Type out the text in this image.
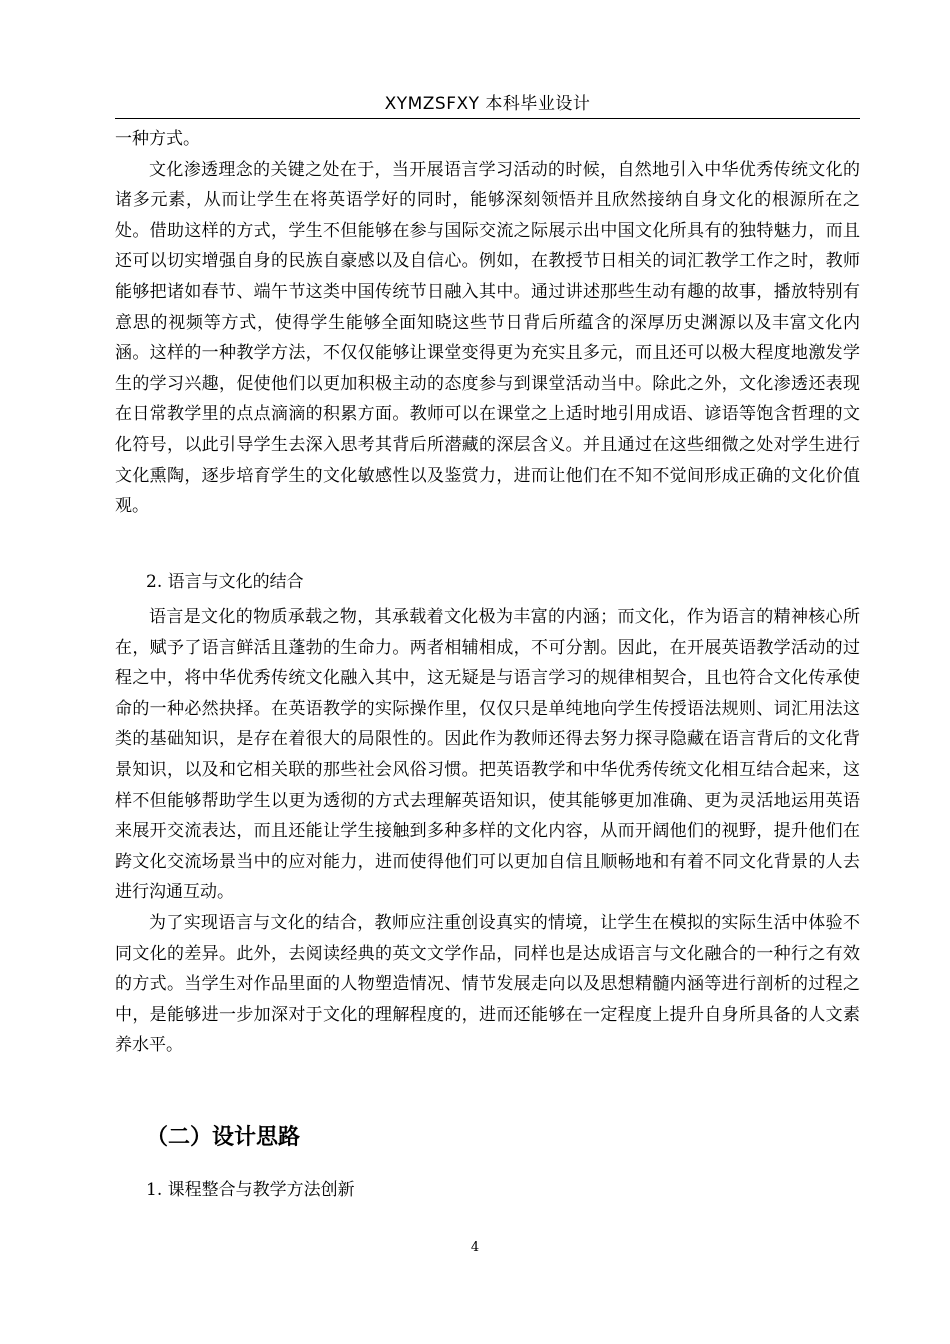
XYMZSFXY 本科毕业设计

一种方式。

文化渗透理念的关键之处在于，当开展语言学习活动的时候，自然地引入中华优秀传统文化的诸多元素，从而让学生在将英语学好的同时，能够深刻领悟并且欣然接纳自身文化的根源所在之处。借助这样的方式，学生不但能够在参与国际交流之际展示出中国文化所具有的独特魅力，而且还可以切实增强自身的民族自豪感以及自信心。例如，在教授节日相关的词汇教学工作之时，教师能够把诸如春节、端午节这类中国传统节日融入其中。通过讲述那些生动有趣的故事，播放特别有意思的视频等方式，使得学生能够全面知晓这些节日背后所蕴含的深厚历史渊源以及丰富文化内涵。这样的一种教学方法，不仅仅能够让课堂变得更为充实且多元，而且还可以极大程度地激发学生的学习兴趣，促使他们以更加积极主动的态度参与到课堂活动当中。除此之外，文化渗透还表现在日常教学里的点点滴滴的积累方面。教师可以在课堂之上适时地引用成语、谚语等饱含哲理的文化符号，以此引导学生去深入思考其背后所潜藏的深层含义。并且通过在这些细微之处对学生进行文化熏陶，逐步培育学生的文化敏感性以及鉴赏力，进而让他们在不知不觉间形成正确的文化价值观。

2. 语言与文化的结合

语言是文化的物质承载之物，其承载着文化极为丰富的内涵；而文化，作为语言的精神核心所在，赋予了语言鲜活且蓬勃的生命力。两者相辅相成，不可分割。因此，在开展英语教学活动的过程之中，将中华优秀传统文化融入其中，这无疑是与语言学习的规律相契合，且也符合文化传承使命的一种必然抉择。在英语教学的实际操作里，仅仅只是单纯地向学生传授语法规则、词汇用法这类的基础知识，是存在着很大的局限性的。因此作为教师还得去努力探寻隐藏在语言背后的文化背景知识，以及和它相关联的那些社会风俗习惯。把英语教学和中华优秀传统文化相互结合起来，这样不但能够帮助学生以更为透彻的方式去理解英语知识，使其能够更加准确、更为灵活地运用英语来展开交流表达，而且还能让学生接触到多种多样的文化内容，从而开阔他们的视野，提升他们在跨文化交流场景当中的应对能力，进而使得他们可以更加自信且顺畅地和有着不同文化背景的人去进行沟通互动。

为了实现语言与文化的结合，教师应注重创设真实的情境，让学生在模拟的实际生活中体验不同文化的差异。此外，去阅读经典的英文文学作品，同样也是达成语言与文化融合的一种行之有效的方式。当学生对作品里面的人物塑造情况、情节发展走向以及思想精髓内涵等进行剖析的过程之中，是能够进一步加深对于文化的理解程度的，进而还能够在一定程度上提升自身所具备的人文素养水平。

（二）设计思路

1. 课程整合与教学方法创新

4
